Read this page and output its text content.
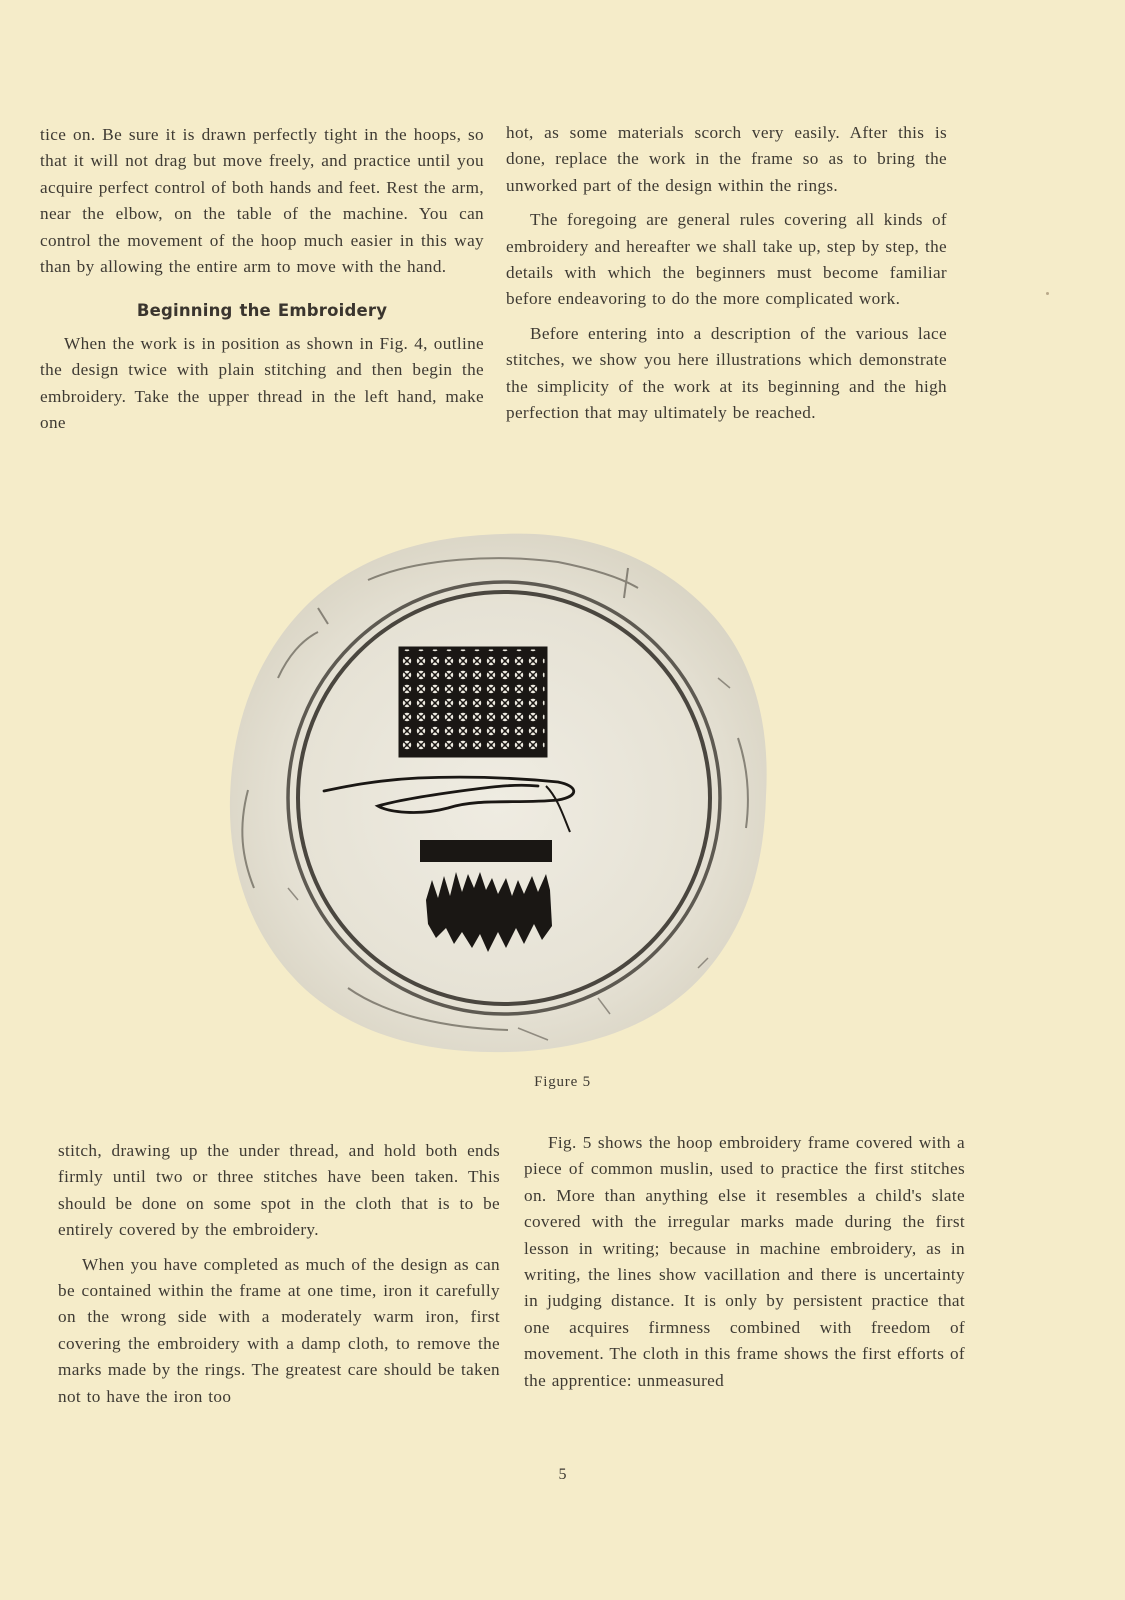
tice on. Be sure it is drawn perfectly tight in the hoops, so that it will not drag but move freely, and practice until you acquire perfect control of both hands and feet. Rest the arm, near the elbow, on the table of the machine. You can control the movement of the hoop much easier in this way than by allowing the entire arm to move with the hand.

Beginning the Embroidery

When the work is in position as shown in Fig. 4, outline the design twice with plain stitching and then begin the embroidery. Take the upper thread in the left hand, make one

hot, as some materials scorch very easily. After this is done, replace the work in the frame so as to bring the unworked part of the design within the rings.

The foregoing are general rules covering all kinds of embroidery and hereafter we shall take up, step by step, the details with which the beginners must become familiar before endeavoring to do the more complicated work.

Before entering into a description of the various lace stitches, we show you here illustrations which demonstrate the simplicity of the work at its beginning and the high perfection that may ultimately be reached.

Figure 5

stitch, drawing up the under thread, and hold both ends firmly until two or three stitches have been taken. This should be done on some spot in the cloth that is to be entirely covered by the embroidery.

When you have completed as much of the design as can be contained within the frame at one time, iron it carefully on the wrong side with a moderately warm iron, first covering the embroidery with a damp cloth, to remove the marks made by the rings. The greatest care should be taken not to have the iron too

Fig. 5 shows the hoop embroidery frame covered with a piece of common muslin, used to practice the first stitches on. More than anything else it resembles a child's slate covered with the irregular marks made during the first lesson in writing; because in machine embroidery, as in writing, the lines show vacillation and there is uncertainty in judging distance. It is only by persistent practice that one acquires firmness combined with freedom of movement. The cloth in this frame shows the first efforts of the apprentice: unmeasured

5
